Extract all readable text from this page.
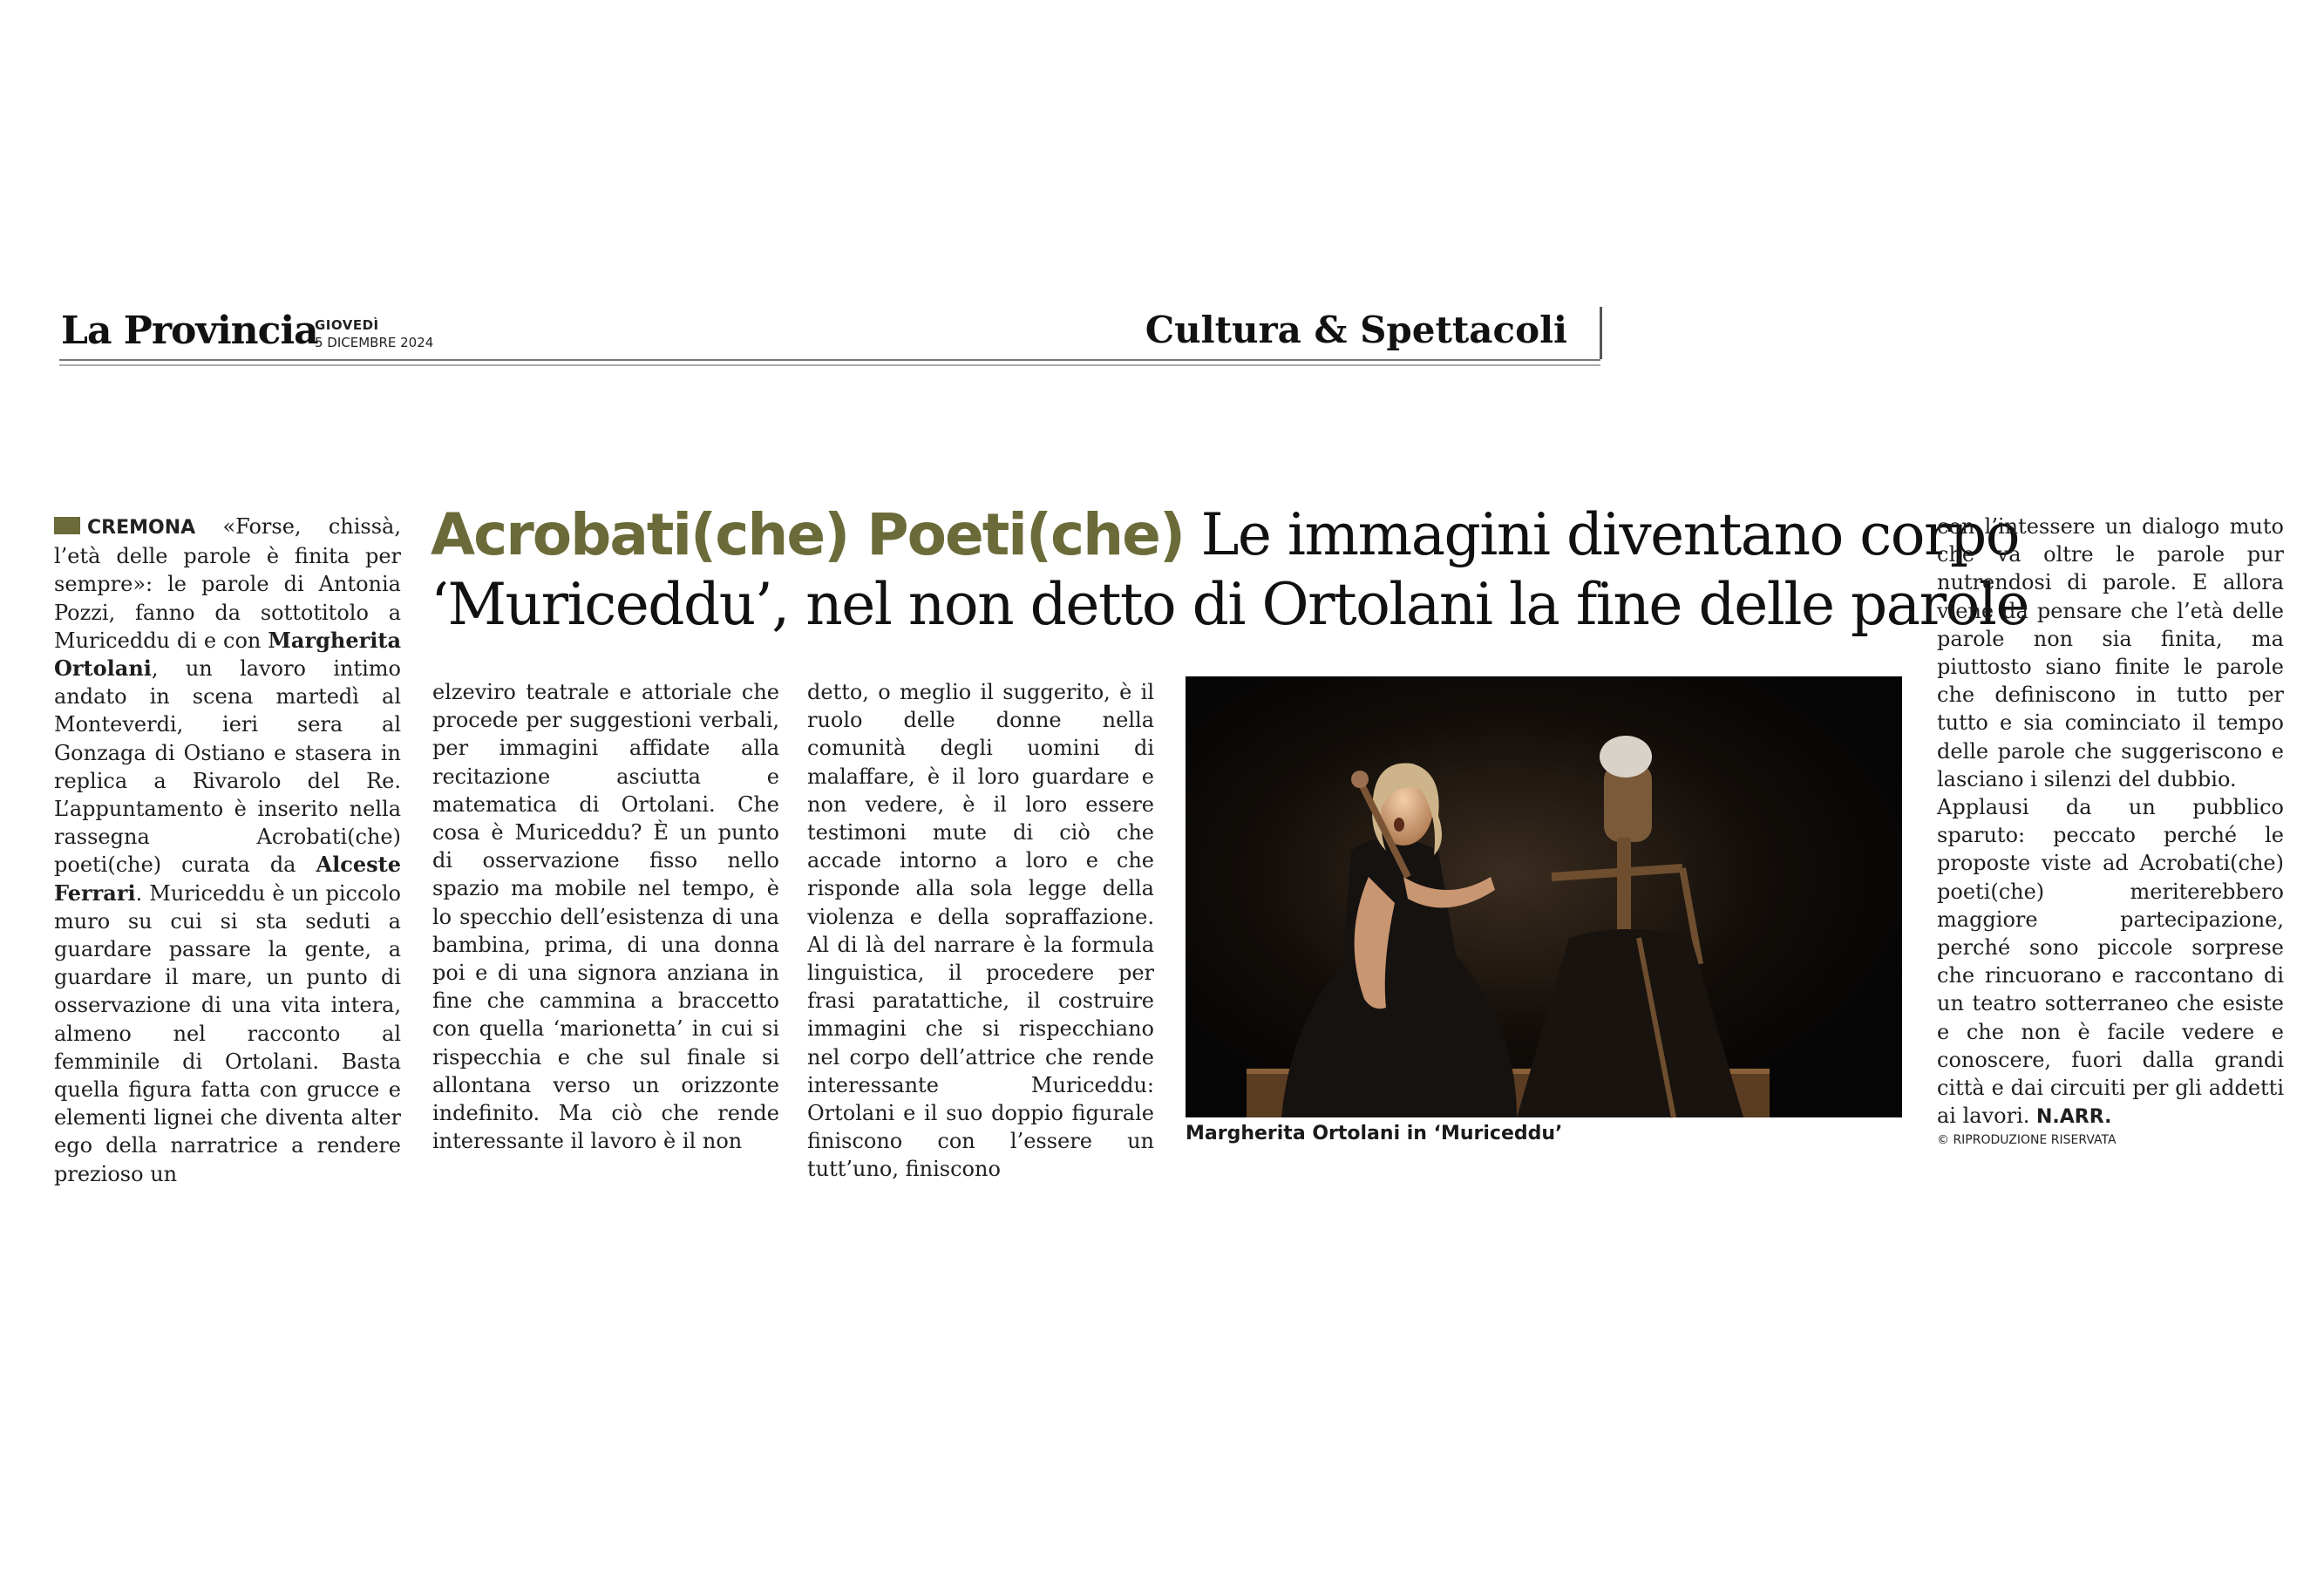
La Provincia
GIOVEDÌ
5 DICEMBRE 2024	Cultura & Spettacoli
CREMONA «Forse, chissà, l’età delle parole è finita per sempre»: le parole di Antonia Pozzi, fanno da sottotitolo a Muriceddu di e con Margherita Ortolani, un lavoro intimo andato in scena martedì al Monteverdi, ieri sera al Gonzaga di Ostiano e stasera in replica a Rivarolo del Re. L’appuntamento è inserito nella rassegna Acrobati(che) poeti(che) curata da Alceste Ferrari. Muriceddu è un piccolo muro su cui si sta seduti a guardare passare la gente, a guardare il mare, un punto di osservazione di una vita intera, almeno nel racconto al femminile di Ortolani. Basta quella figura fatta con grucce e elementi lignei che diventa alter ego della narratrice a rendere prezioso un
Acrobati(che) Poeti(che) Le immagini diventano corpo
‘Muriceddu’, nel non detto di Ortolani la fine delle parole
elzeviro teatrale e attoriale che procede per suggestioni verbali, per immagini affidate alla recitazione asciutta e matematica di Ortolani. Che cosa è Muriceddu? È un punto di osservazione fisso nello spazio ma mobile nel tempo, è lo specchio dell’esistenza di una bambina, prima, di una donna poi e di una signora anziana in fine che cammina a braccetto con quella ‘marionetta’ in cui si rispecchia e che sul finale si allontana verso un orizzonte indefinito. Ma ciò che rende interessante il lavoro è il non
detto, o meglio il suggerito, è il ruolo delle donne nella comunità degli uomini di malaffare, è il loro guardare e non vedere, è il loro essere testimoni mute di ciò che accade intorno a loro e che risponde alla sola legge della violenza e della sopraffazione. Al di là del narrare è la formula linguistica, il procedere per frasi paratattiche, il costruire immagini che si rispecchiano nel corpo dell’attrice che rende interessante Muriceddu: Ortolani e il suo doppio figurale finiscono con l’essere un tutt’uno, finiscono
Margherita Ortolani in ‘Muriceddu’
con l’intessere un dialogo muto che va oltre le parole pur nutrendosi di parole. E allora viene da pensare che l’età delle parole non sia finita, ma piuttosto siano finite le parole che definiscono in tutto per tutto e sia cominciato il tempo delle parole che suggeriscono e lasciano i silenzi del dubbio.
Applausi da un pubblico sparuto: peccato perché le proposte viste ad Acrobati(che) poeti(che) meriterebbero maggiore partecipazione, perché sono piccole sorprese che rincuorano e raccontano di un teatro sotterraneo che esiste e che non è facile vedere e conoscere, fuori dalla grandi città e dai circuiti per gli addetti ai lavori. N.ARR.
© RIPRODUZIONE RISERVATA
